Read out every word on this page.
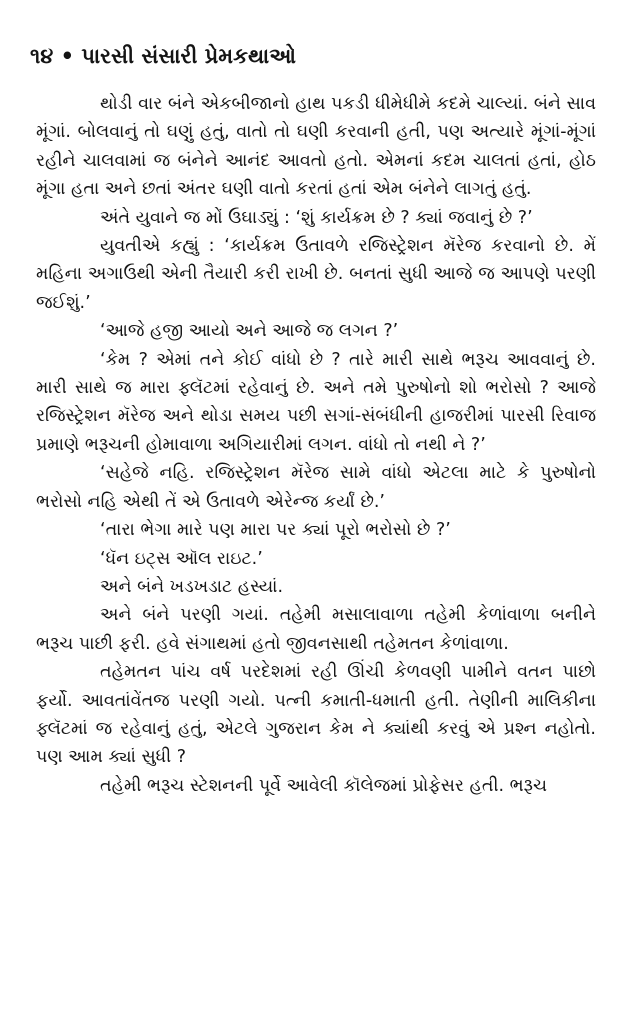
૧૪ • પારસી સંસારી પ્રેમકથાઓ

થોડી વાર બંને એકબીજાનો હાથ પકડી ધીમેધીમે કદમે ચાલ્યાં. બંને સાવ મૂંગાં. બોલવાનું તો ઘણું હતું, વાતો તો ઘણી કરવાની હતી, પણ અત્યારે મૂંગાં-મૂંગાં રહીને ચાલવામાં જ બંનેને આનંદ આવતો હતો. એમનાં કદમ ચાલતાં હતાં, હોઠ મૂંગા હતા અને છતાં અંતર ઘણી વાતો કરતાં હતાં એમ બંનેને લાગતું હતું.

અંતે યુવાને જ મોં ઉઘાડ્યું : ‘શું કાર્યક્રમ છે ? ક્યાં જવાનું છે ?’

યુવતીએ કહ્યું : ‘કાર્યક્રમ ઉતાવળે રજિસ્ટ્રેશન મૅરેજ કરવાનો છે. મેં મહિના અગાઉથી એની તૈયારી કરી રાખી છે. બનતાં સુધી આજે જ આપણે પરણી જઈશું.’

‘આજે હજી આયો અને આજે જ લગન ?’

‘કેમ ? એમાં તને કોઈ વાંધો છે ? તારે મારી સાથે ભરૂચ આવવાનું છે. મારી સાથે જ મારા ફ્લૅટમાં રહેવાનું છે. અને તમે પુરુષોનો શો ભરોસો ? આજે રજિસ્ટ્રેશન મૅરેજ અને થોડા સમય પછી સગાં-સંબંધીની હાજરીમાં પારસી રિવાજ પ્રમાણે ભરૂચની હોમાવાળા અગિયારીમાં લગન. વાંધો તો નથી ને ?’

‘સહેજે નહિ. રજિસ્ટ્રેશન મૅરેજ સામે વાંધો એટલા માટે કે પુરુષોનો ભરોસો નહિ એથી તેં એ ઉતાવળે એરેન્જ કર્યાં છે.’

‘તારા ભેગા મારે પણ મારા પર ક્યાં પૂરો ભરોસો છે ?’

‘ધૅન ઇટ્સ ઑલ રાઇટ.’

અને બંને ખડખડાટ હસ્યાં.

અને બંને પરણી ગયાં. તહેમી મસાલાવાળા તહેમી કેળાંવાળા બનીને ભરૂચ પાછી ફરી. હવે સંગાથમાં હતો જીવનસાથી તહેમતન કેળાંવાળા.

તહેમતન પાંચ વર્ષ પરદેશમાં રહી ઊંચી કેળવણી પામીને વતન પાછો ફર્યો. આવતાંવેંતજ પરણી ગયો. પત્ની કમાતી-ધમાતી હતી. તેણીની માલિકીના ફ્લૅટમાં જ રહેવાનું હતું, એટલે ગુજરાન કેમ ને ક્યાંથી કરવું એ પ્રશ્ન નહોતો. પણ આમ ક્યાં સુધી ?

તહેમી ભરૂચ સ્ટેશનની પૂર્વે આવેલી કૉલેજમાં પ્રોફેસર હતી. ભરૂચ
